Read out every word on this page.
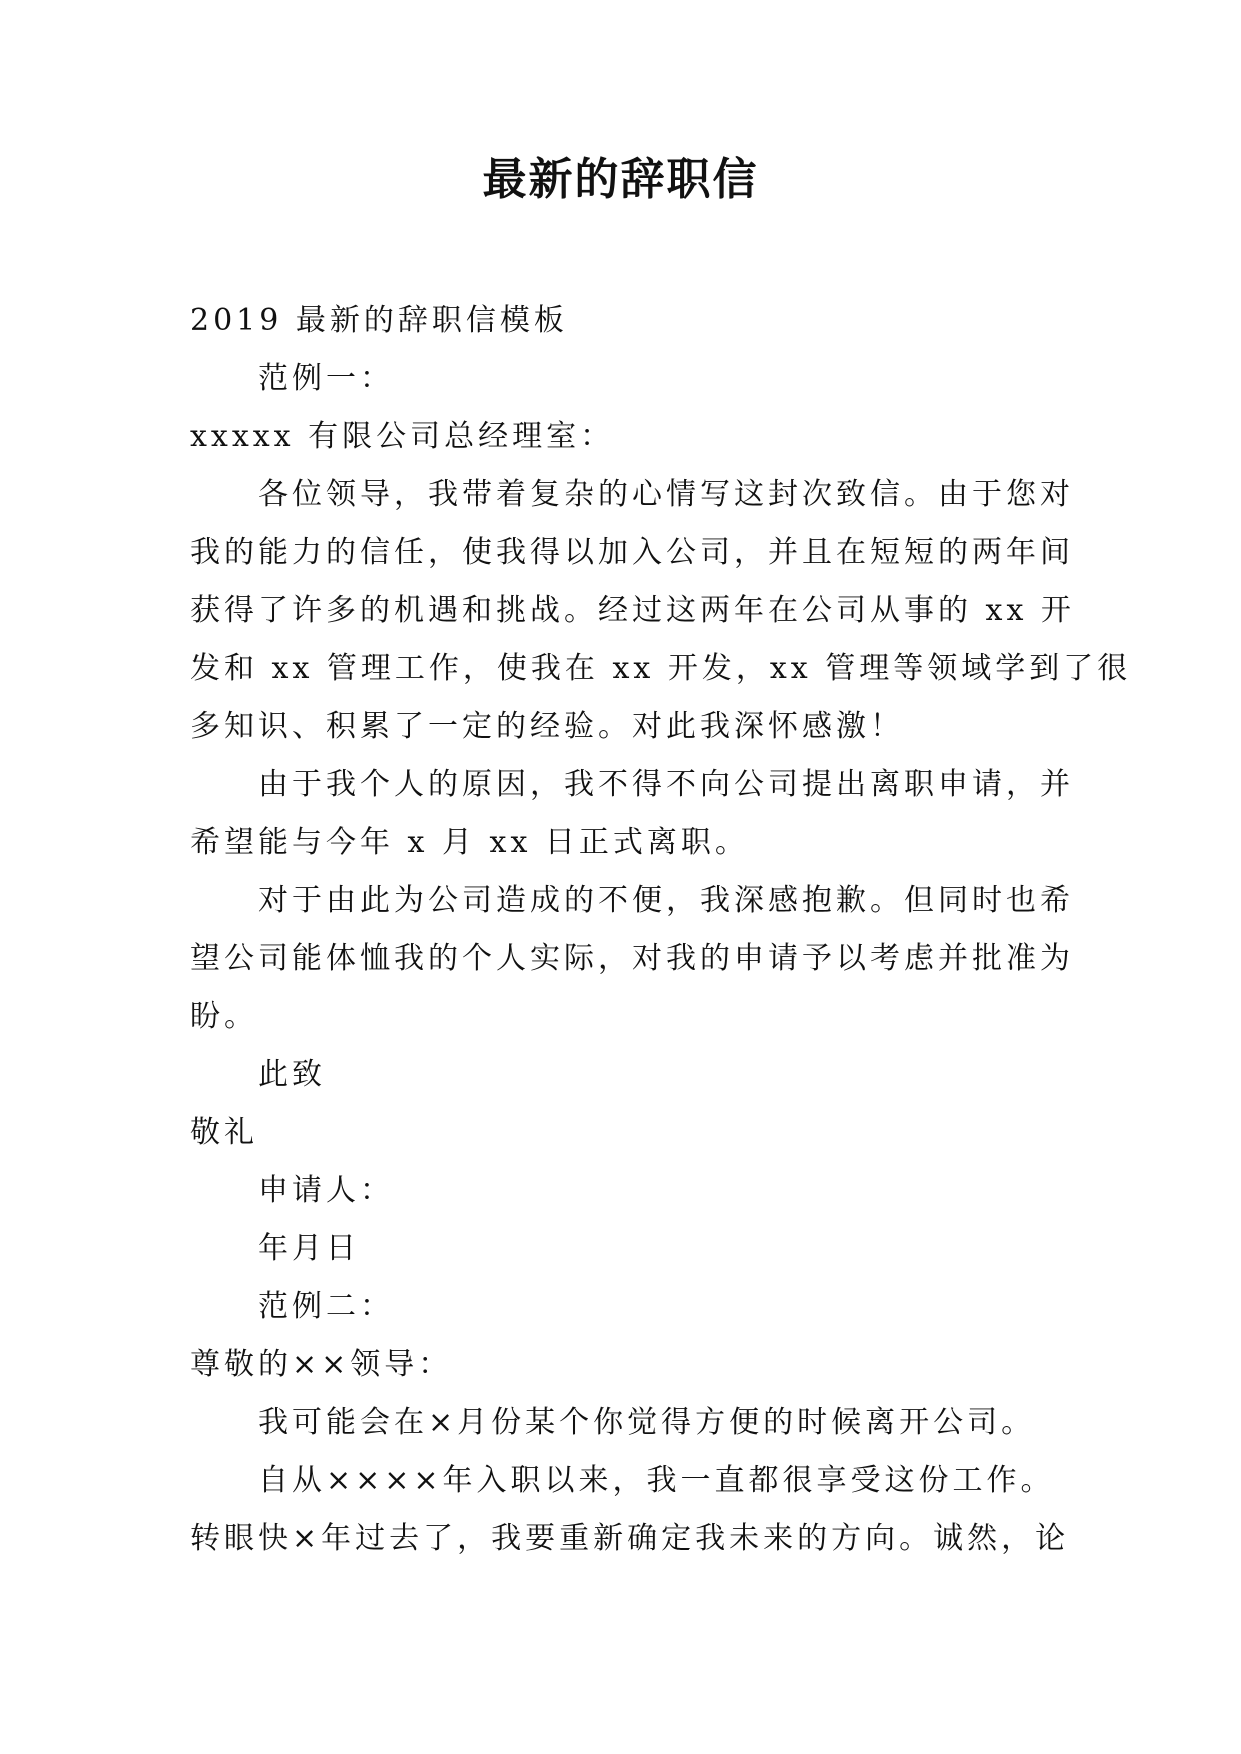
最新的辞职信
2019 最新的辞职信模板
范例一：
xxxxx 有限公司总经理室：
各位领导，我带着复杂的心情写这封次致信。由于您对
我的能力的信任，使我得以加入公司，并且在短短的两年间
获得了许多的机遇和挑战。经过这两年在公司从事的 xx 开
发和 xx 管理工作，使我在 xx 开发，xx 管理等领域学到了很
多知识、积累了一定的经验。对此我深怀感激！
由于我个人的原因，我不得不向公司提出离职申请，并
希望能与今年 x 月 xx 日正式离职。
对于由此为公司造成的不便，我深感抱歉。但同时也希
望公司能体恤我的个人实际，对我的申请予以考虑并批准为
盼。
此致
敬礼
申请人：
年月日
范例二：
尊敬的××领导：
我可能会在×月份某个你觉得方便的时候离开公司。
自从××××年入职以来，我一直都很享受这份工作。
转眼快×年过去了，我要重新确定我未来的方向。诚然，论
